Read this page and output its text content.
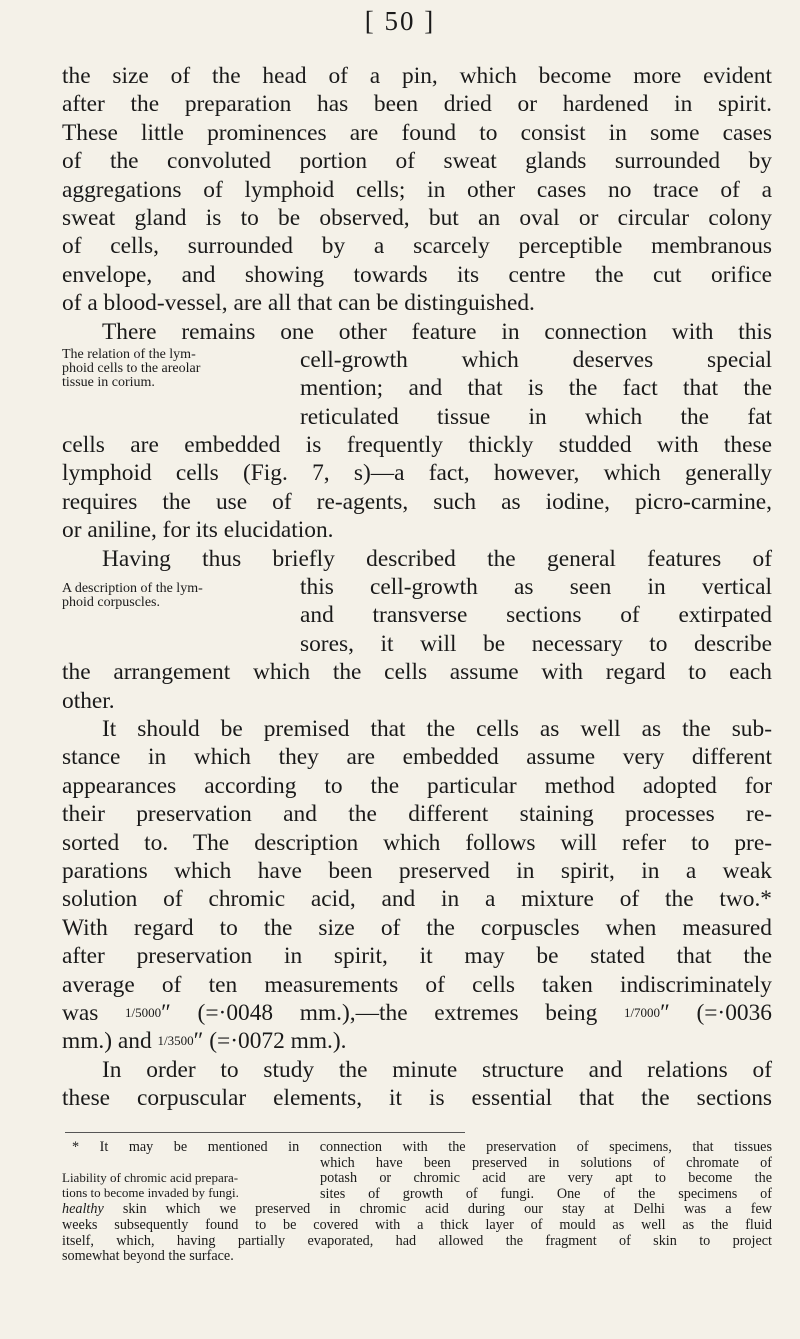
[ 50 ]
the size of the head of a pin, which become more evident
after the preparation has been dried or hardened in spirit.
These little prominences are found to consist in some cases
of the convoluted portion of sweat glands surrounded by
aggregations of lymphoid cells; in other cases no trace of a
sweat gland is to be observed, but an oval or circular colony
of cells, surrounded by a scarcely perceptible membranous
envelope, and showing towards its centre the cut orifice
of a blood-vessel, are all that can be distinguished.
There remains one other feature in connection with this
The relation of the lym-
phoid cells to the areolar
tissue in corium.
cell-growth which deserves special
mention; and that is the fact that the
reticulated tissue in which the fat
cells are embedded is frequently thickly studded with these
lymphoid cells (Fig. 7, s)—a fact, however, which generally
requires the use of re-agents, such as iodine, picro-carmine,
or aniline, for its elucidation.
Having thus briefly described the general features of
A description of the lym-
phoid corpuscles.
this cell-growth as seen in vertical
and transverse sections of extirpated
sores, it will be necessary to describe
the arrangement which the cells assume with regard to each
other.
It should be premised that the cells as well as the sub-
stance in which they are embedded assume very different
appearances according to the particular method adopted for
their preservation and the different staining processes re-
sorted to. The description which follows will refer to pre-
parations which have been preserved in spirit, in a weak
solution of chromic acid, and in a mixture of the two.*
With regard to the size of the corpuscles when measured
after preservation in spirit, it may be stated that the
average of ten measurements of cells taken indiscriminately
was 1/5000″ (=·0048 mm.),—the extremes being 1/7000″ (=·0036
mm.) and 1/3500″ (=·0072 mm.).
In order to study the minute structure and relations of
these corpuscular elements, it is essential that the sections
* It may be mentioned in connection with the preservation of specimens, that tissues
which have been preserved in solutions of chromate of
Liability of chromic acid prepara-
tions to become invaded by fungi.
potash or chromic acid are very apt to become the
sites of growth of fungi. One of the specimens of
healthy skin which we preserved in chromic acid during our stay at Delhi was a few
weeks subsequently found to be covered with a thick layer of mould as well as the fluid
itself, which, having partially evaporated, had allowed the fragment of skin to project
somewhat beyond the surface.
